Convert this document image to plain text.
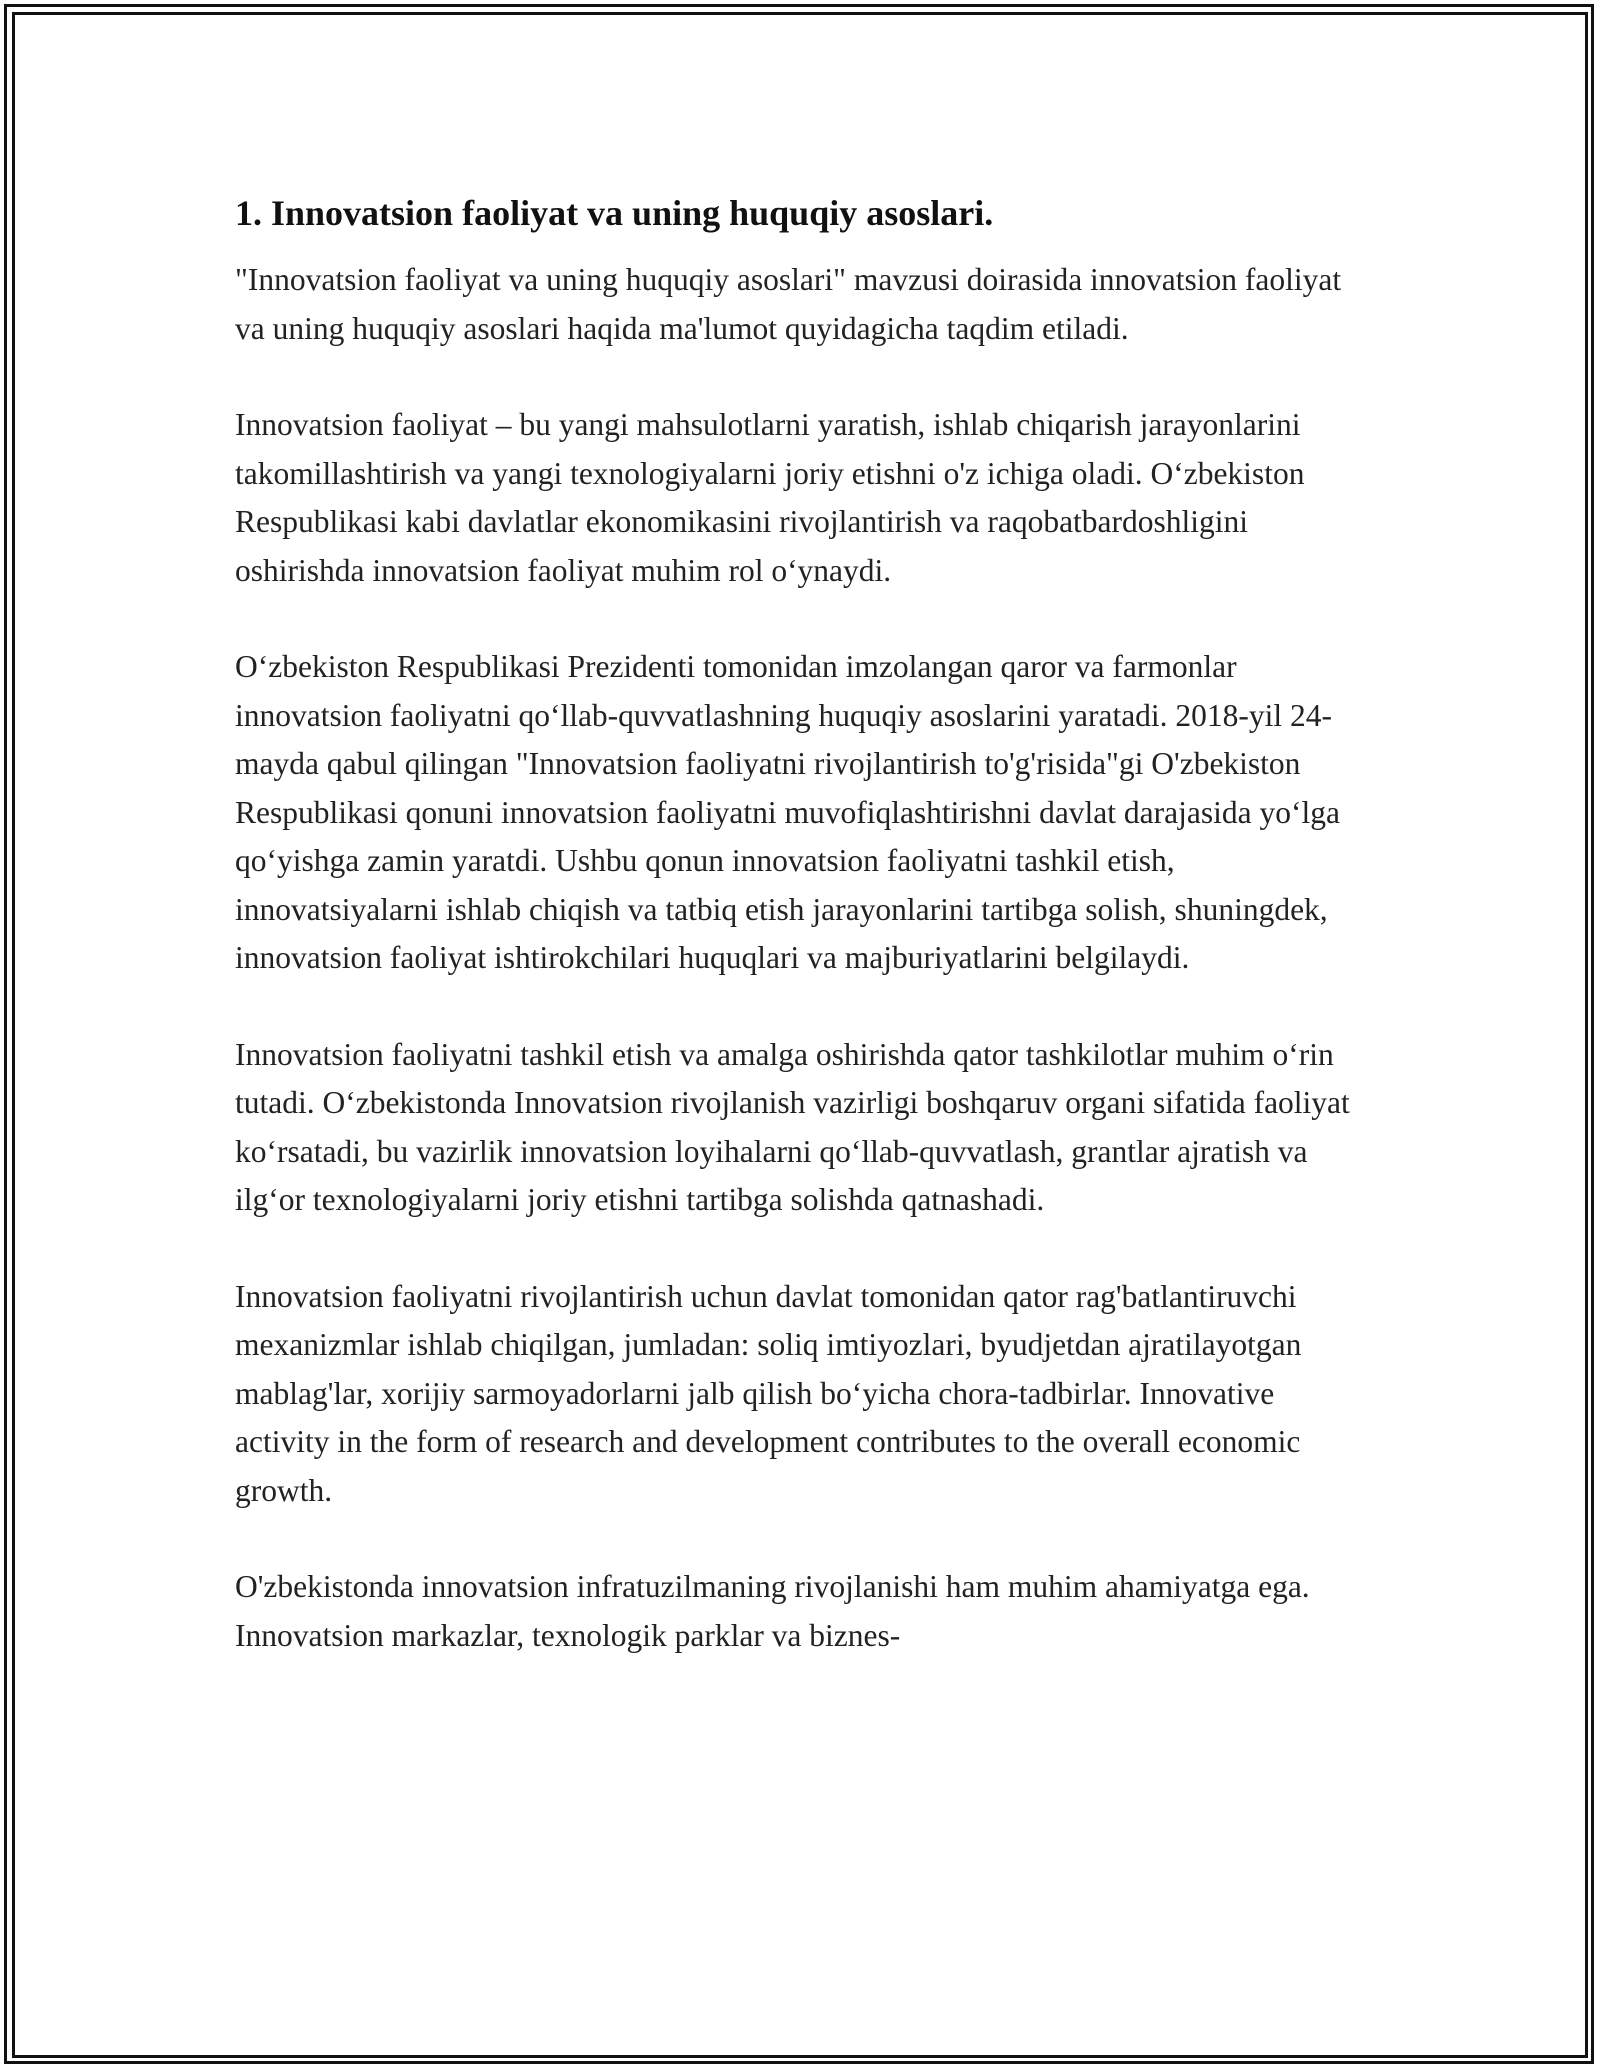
1. Innovatsion faoliyat va uning huquqiy asoslari.

"Innovatsion faoliyat va uning huquqiy asoslari" mavzusi doirasida innovatsion faoliyat va uning huquqiy asoslari haqida ma'lumot quyidagicha taqdim etiladi.

Innovatsion faoliyat – bu yangi mahsulotlarni yaratish, ishlab chiqarish jarayonlarini takomillashtirish va yangi texnologiyalarni joriy etishni o'z ichiga oladi. O‘zbekiston Respublikasi kabi davlatlar ekonomikasini rivojlantirish va raqobatbardoshligini oshirishda innovatsion faoliyat muhim rol o‘ynaydi.

O‘zbekiston Respublikasi Prezidenti tomonidan imzolangan qaror va farmonlar innovatsion faoliyatni qo‘llab-quvvatlashning huquqiy asoslarini yaratadi. 2018-yil 24-mayda qabul qilingan "Innovatsion faoliyatni rivojlantirish to'g'risida"gi O'zbekiston Respublikasi qonuni innovatsion faoliyatni muvofiqlashtirishni davlat darajasida yo‘lga qo‘yishga zamin yaratdi. Ushbu qonun innovatsion faoliyatni tashkil etish, innovatsiyalarni ishlab chiqish va tatbiq etish jarayonlarini tartibga solish, shuningdek, innovatsion faoliyat ishtirokchilari huquqlari va majburiyatlarini belgilaydi.

Innovatsion faoliyatni tashkil etish va amalga oshirishda qator tashkilotlar muhim o‘rin tutadi. O‘zbekistonda Innovatsion rivojlanish vazirligi boshqaruv organi sifatida faoliyat ko‘rsatadi, bu vazirlik innovatsion loyihalarni qo‘llab-quvvatlash, grantlar ajratish va ilg‘or texnologiyalarni joriy etishni tartibga solishda qatnashadi.

Innovatsion faoliyatni rivojlantirish uchun davlat tomonidan qator rag'batlantiruvchi mexanizmlar ishlab chiqilgan, jumladan: soliq imtiyozlari, byudjetdan ajratilayotgan mablag'lar, xorijiy sarmoyadorlarni jalb qilish bo‘yicha chora-tadbirlar. Innovative activity in the form of research and development contributes to the overall economic growth.

O'zbekistonda innovatsion infratuzilmaning rivojlanishi ham muhim ahamiyatga ega. Innovatsion markazlar, texnologik parklar va biznes-
